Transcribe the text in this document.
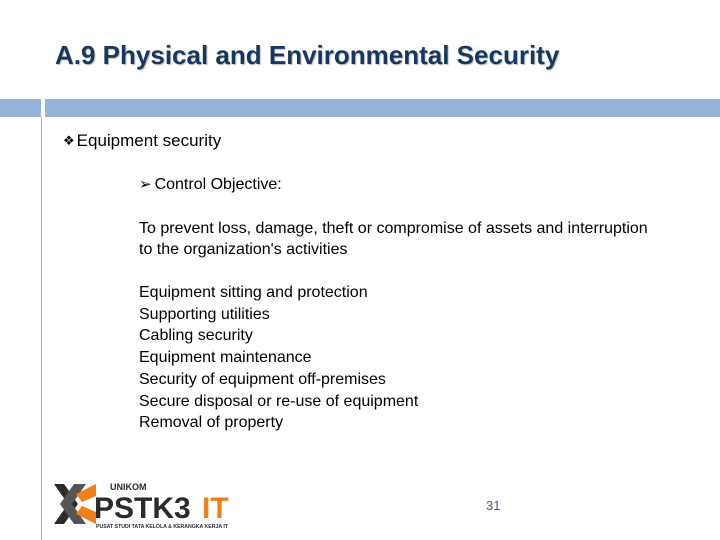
A.9 Physical and Environmental Security
❖ Equipment security
➢ Control Objective:
To prevent loss, damage, theft or compromise of assets and interruption to the organization's activities
Equipment sitting and protection
Supporting utilities
Cabling security
Equipment maintenance
Security of equipment off-premises
Secure disposal or re-use of equipment
Removal of property
UNIKOM
PSTK3 IT
PUSAT STUDI TATA KELOLA & KERANGKA KERJA IT
31
